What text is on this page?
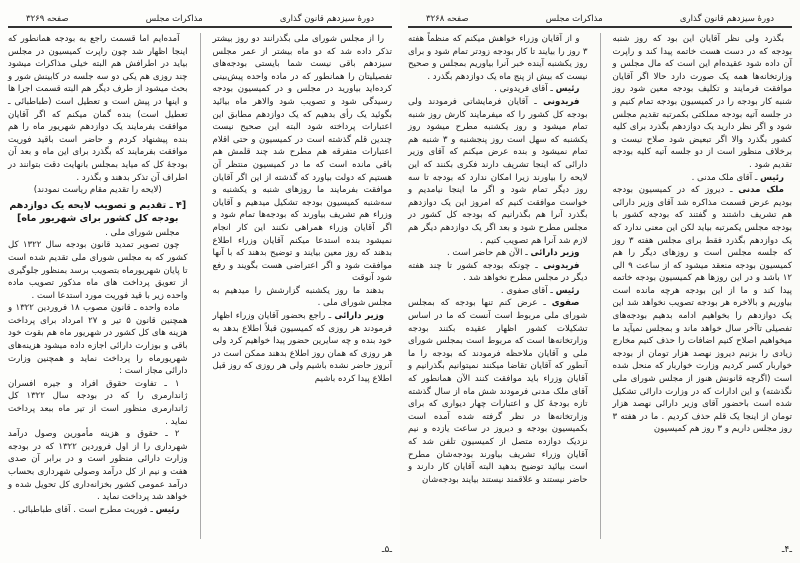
دورهٔ سیزدهم قانون گذاری
مذاکرات مجلس
صفحه ۳۲۶۸

بگذرد ولی نظر آقایان این بود که روز شنبه بودجه که در دست هست خاتمه پیدا کند و راپرت آن داده شود عقیده‌ام این است که مال مجلس و وزارتخانه‌ها همه یک صورت دارد حالا اگر آقایان موافقت فرمایند و تکلیف بودجه معین شود روز شنبه کار بودجه را در کمیسیون بودجه تمام کنیم و در جلسه آتیه بودجه مملکتی بکمرتبه تقدیم مجلس شود و اگر نظر دارید یک دوازدهم بگذرد برای کلیه کشور بگذرد والا اگر تبعیض شود صلاح نیست و برخلاف منظور است از دو جلسه آتیه کلیه بودجه تقدیم شود .

رئیس ـ آقای ملک مدنی .

ملک مدنی ـ دیروز که در کمیسیون بودجه بودیم عرض قسمت مذاکره شد آقای وزیر دارائی هم تشریف داشتند و گفتند که بودجه کشور با بودجه مجلس یکمرتبه بیاید لکن این معنی ندارد که یک دوازدهم بگذرد فقط برای مجلس هفته ۳ روز که جلسه مجلس است و روزهای دیگر را هم کمیسیون بودجه منعقد میشود که از ساعت ۹ الی ۱۲ باشد و در این روزها هم کمیسیون بودجه خاتمه پیدا کند و ما از این بودجه هرچه مانده است بیاوریم و بالاخره هر بودجه تصویب نخواهد شد این یک دوازدهم را بخواهیم ادامه بدهیم بودجه‌های تفصیلی تاآخر سال خواهد ماند و بمجلس نمیآید ما میخواهیم اصلاح کنیم اضافات را حذف کنیم مخارج زیادی را بزنیم دیروز نهصد هزار تومان از بودجه خواربار کسر کردیم وزارت خواربار که منحل شده است (اگرچه قانونش هنوز از مجلس شورای ملی نگذشته) و این ادارات که در وزارت دارائی تشکیل شده است باحضور آقای وزیر دارائی نهصد هزار تومان از اینجا یک قلم حذف کردیم . ما در هفته ۳ روز مجلس داریم و ۳ روز هم کمیسیون

و از آقایان وزراء خواهش میکنم که منظماً هفته ۳ روز را بیایند تا کار بودجه زودتر تمام شود و برای روز یکشنبه آینده خبر آنرا بیاوریم بمجلس و صحیح نیست که بیش از پنج ماه یک دوازدهم بگذرد .

رئیس ـ آقای فریدونی .

فریدونی ـ آقایان فرمایشاتی فرمودند ولی بودجه کل کشور را که میفرمایند کارش روز شنبه تمام میشود و روز یکشنبه مطرح میشود روز یکشنبه که سهل است روز پنجشنبه و ۳ شنبه هم تمام نمیشود و بنده عرض میکنم که آقای وزیر دارائی که اینجا تشریف دارند فکری بکنند که این لایحه را بیاورند زیرا امکان ندارد که بودجه تا سه روز دیگر تمام شود و اگر ما اینجا نیامدیم و خواست موافقت کنیم که امروز این یک دوازدهم بگذرد آنرا هم بگذرانیم که بودجه کل کشور در مجلس مطرح شود و بعد اگر یک دوازدهم دیگر هم لازم شد آنرا هم تصویب کنیم .

وزیر دارائی ـ الآن هم حاضر است .

فریدونی ـ چونکه بودجه کشور تا چند هفته دیگر در مجلس مطرح نخواهد شد .

رئیس ـ آقای صفوی .

صفوی ـ عرض کنم تنها بودجه که بمجلس شورای ملی مربوط است آنست که ما در اساس تشکیلات کشور اظهار عقیده بکنند بودجه وزارتخانه‌ها است که مربوط است بمجلس شورای ملی و آقایان ملاحظه فرمودند که بودجه را ما آنطور که آقایان تقاضا میکنند نمیتوانیم بگذرانیم و آقایان وزراء باید موافقت کنند الآن همانطور که آقای ملک مدنی فرمودند شش ماه از سال گذشته تازه بودجهٔ کل و اعتبارات چهار دیواری که برای وزارتخانه‌ها در نظر گرفته شده آمده است بکمیسیون بودجه و دیروز در ساعت یازده و نیم نزدیک دوازده متصل از کمیسیون تلفن شد که آقایان وزراء تشریف بیاورند بودجه‌شان مطرح است بیائید توضیح بدهید البته آقایان کار دارند و حاضر نیستند و علاقمند نیستند بیایند بودجه‌شان

ـ۴ـ
دورهٔ سیزدهم قانون گذاری
مذاکرات مجلس
صفحه ۳۲۶۹

را از مجلس شورای ملی بگذرانند دو روز بیشتر تذکر داده شد که دو ماه بیشتر از عمر مجلس سیزدهم باقی نیست شما بایستی بودجه‌های تفصیلیتان را همانطور که در ماده واحده پیش‌بینی کرده‌اید بیاورید در مجلس و در کمیسیون بودجه رسیدگی شود و تصویب شود والاهر ماه بیائید بگوئید یک رأی بدهیم که یک دوازدهم مطابق این اعتبارات پرداخته شود البته این صحیح نیست چندین قلم گذشته است در کمیسیون و حتی اقلام اعتبارات متفرقه هم مطرح شد چند قلمش هم باقی مانده است که ما در کمیسیون منتظر آن هستیم که دولت بیاورد که گذشته از این اگر آقایان موافقت بفرمایند ما روزهای شنبه و یکشنبه و سه‌شنبه کمیسیون بودجه تشکیل میدهیم و آقایان وزراء هم تشریف بیاورند که بودجه‌ها تمام شود و اگر آقایان وزراء همراهی نکنند این کار انجام نمیشود بنده استدعا میکنم آقایان وزراء اطلاع بدهند که روز معین بیایند و توضیح بدهند که با آنها موافقت شود و اگر اعتراضی هست بگویند و رفع شود آنوقت

بدهند ما روز یکشنبه گزارشش را میدهیم به مجلس شورای ملی .

وزیر دارائی ـ راجع بحضور آقایان وزراء اظهار فرمودند هر روزی که کمیسیون قبلاً اطلاع بدهد به خود بنده و چه سایرین حضور پیدا خواهیم کرد ولی هر روزی که همان روز اطلاع بدهند ممکن است در آنروز حاضر نشده باشیم ولی هر روزی که روز قبل اطلاع پیدا کرده باشیم

آمده‌ایم اما قسمت راجع به بودجه همانطور که اینجا اظهار شد چون راپرت کمیسیون در مجلس بیاید در اطرافش هم البته خیلی مذاکرات میشود چند روزی هم یکی دو سه جلسه در کابینش شور و بحث میشود از طرف دیگر هم البته قسمت اجرا ها و اینها در پیش است و تعطیل است (طباطبائی ـ تعطیل است) بنده گمان میکنم که اگر آقایان موافقت بفرمایند یک دوازدهم شهریور ماه را هم بنده پیشنهاد کردم و حاضر است باقید فوریت موافقت بفرمایند که بگذرد برای این ماه و بعد آن بودجهٔ کل که میاید بمجلس بانهایت دقت بتوانند در اطراف آن تذکر بدهند و بگذرد .

(لایحه را تقدیم مقام ریاست نمودند)

[۴ ـ تقدیم و تصویب لایحه یک دوازدهم بودجه کل کشور برای شهریور ماه]

مجلس شورای ملی .

چون تصویر تمدید قانون بودجه سال ۱۳۲۲ کل کشور که به مجلس شورای ملی تقدیم شده است تا پایان شهریورماه بتصویب برسد بمنظور جلوگیری از تعویق پرداخت های ماه مذکور تصویب ماده واحده زیر با قید فوریت مورد استدعا است .

ماده واحده ـ قانون مصوب ۱۸ فروردین ۱۳۲۲ و همچنین قانون ۵ تیر و ۲۷ امرداد برای پرداخت هزینه های کل کشور در شهریور ماه هم بقوت خود باقی و بوزارت دارائی اجازه داده میشود هزینه‌های شهریورماه را پرداخت نماید و همچنین وزارت دارائی مجاز است :

۱ ـ تفاوت حقوق افراد و جیره افسران ژاندارمری را که در بودجه سال ۱۳۲۲ کل ژاندارمری منظور است از تیر ماه ببعد پرداخت نماید .

۲ ـ حقوق و هزینه مأمورین وصول درآمد شهرداری را از اول فروردین ۱۳۲۲ که در بودجه وزارت دارائی منظور است و در برابر آن صدی هفت و نیم از کل درآمد وصولی شهرداری بحساب درآمد عمومی کشور بخزانه‌داری کل تحویل شده و خواهد شد پرداخت نماید .

رئیس ـ فوریت مطرح است . آقای طباطبائی .

ـ۵ـ
